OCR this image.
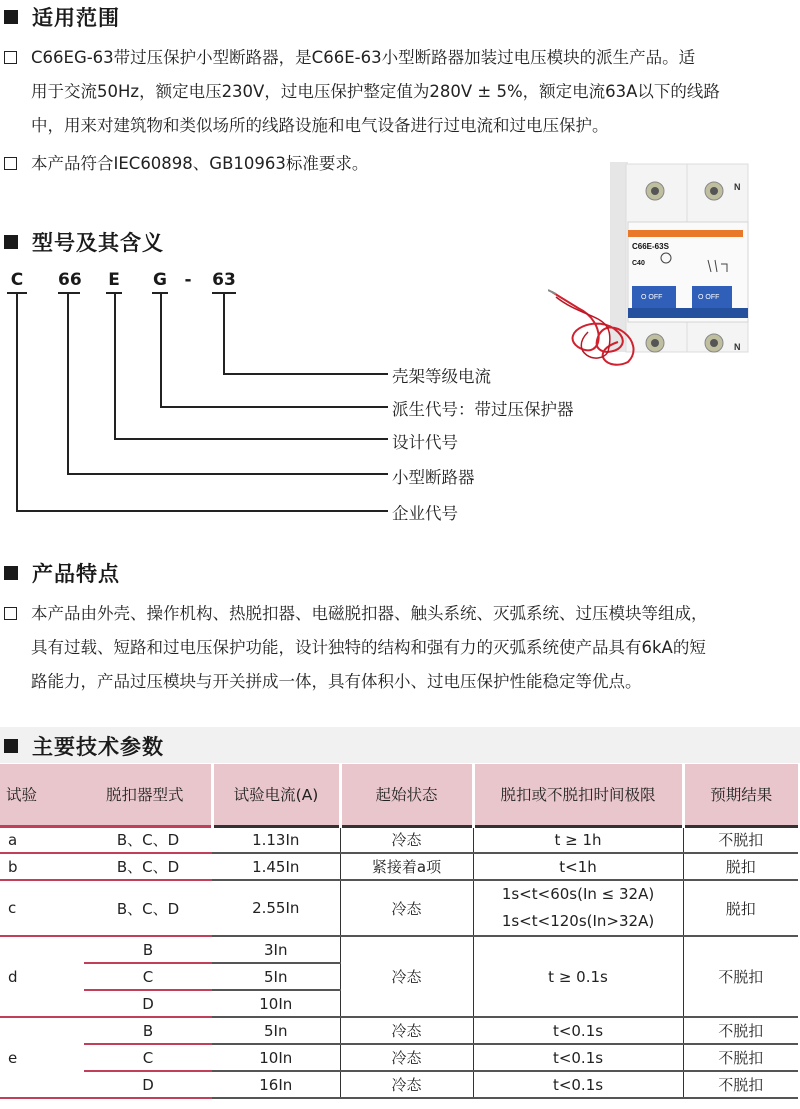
适用范围
C66EG-63带过压保护小型断路器，是C66E-63小型断路器加装过电压模块的派生产品。适
用于交流50Hz，额定电压230V，过电压保护整定值为280V ± 5%，额定电流63A以下的线路
中，用来对建筑物和类似场所的线路设施和电气设备进行过电流和过电压保护。
本产品符合IEC60898、GB10963标准要求。
N
C66E-63S
C40
O OFF	O OFF
N
型号及其含义
C 66 E G - 63
壳架等级电流
派生代号：带过压保护器
设计代号
小型断路器
企业代号
产品特点
本产品由外壳、操作机构、热脱扣器、电磁脱扣器、触头系统、灭弧系统、过压模块等组成，
具有过载、短路和过电压保护功能，设计独特的结构和强有力的灭弧系统使产品具有6kA的短
路能力，产品过压模块与开关拼成一体，具有体积小、过电压保护性能稳定等优点。
主要技术参数
试验	脱扣器型式	试验电流(A)	起始状态	脱扣或不脱扣时间极限	预期结果
a	B、C、D	1.13In	冷态	t ≥ 1h	不脱扣
b	B、C、D	1.45In	紧接着a项	t<1h	脱扣
c	B、C、D	2.55In	冷态	1s<t<60s(In ≤ 32A)
1s<t<120s(In>32A)	脱扣
d	B	3In	冷态	t ≥ 0.1s	不脱扣
	C	5In			
	D	10In			
e	B	5In	冷态	t<0.1s	不脱扣
	C	10In	冷态	t<0.1s	不脱扣
	D	16In	冷态	t<0.1s	不脱扣
